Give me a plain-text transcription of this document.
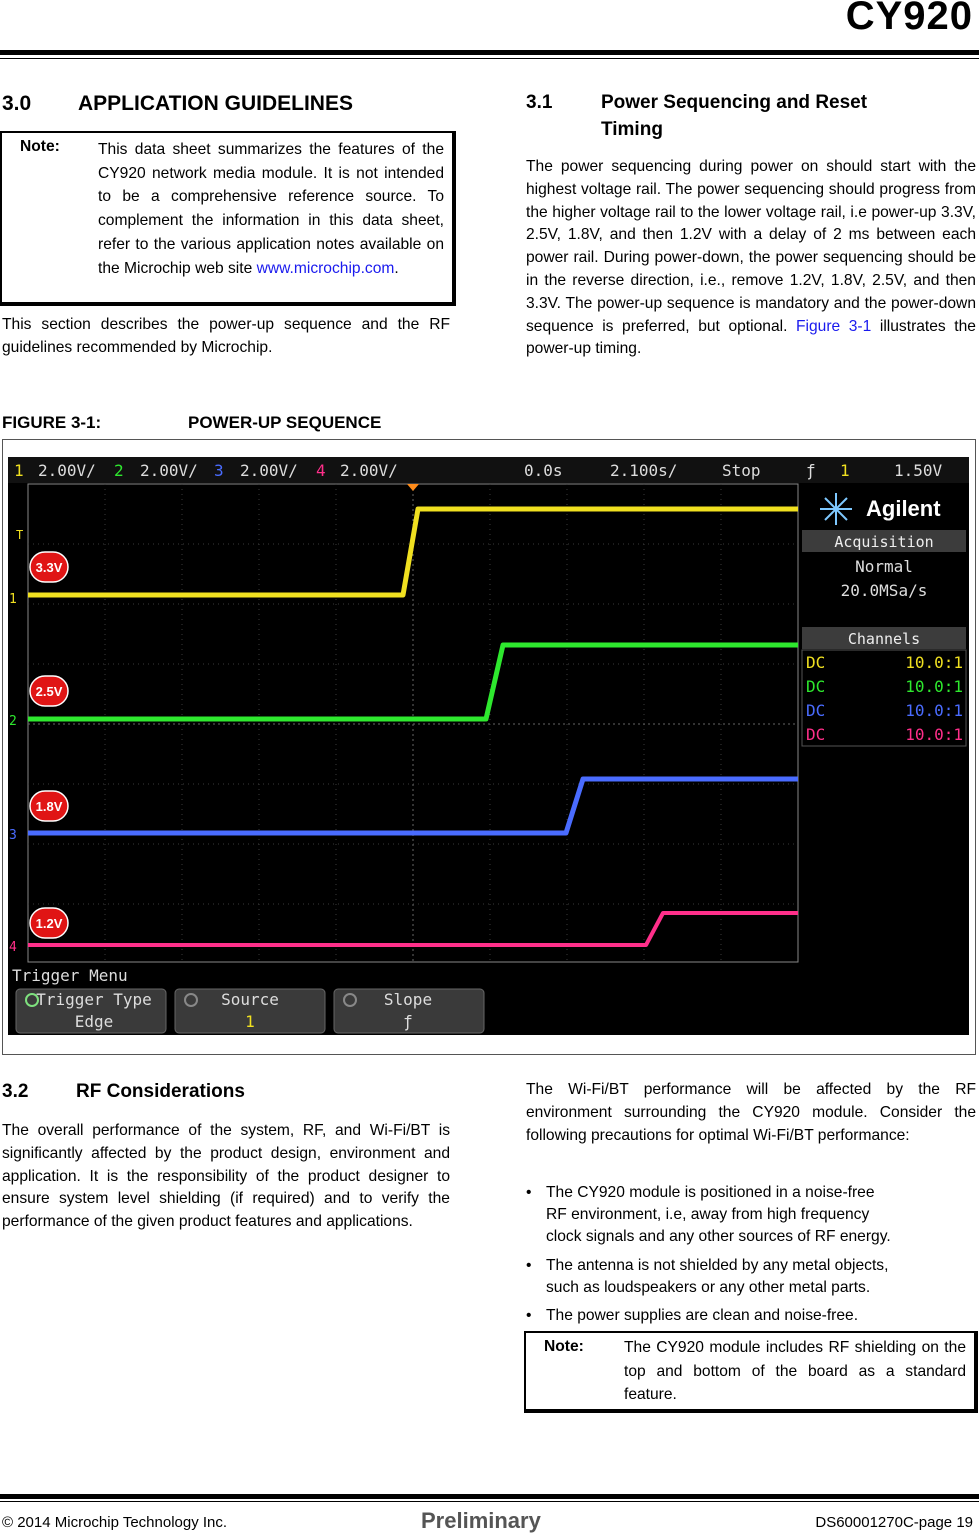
CY920
3.0 APPLICATION GUIDELINES
Note: This data sheet summarizes the features of the CY920 network media module. It is not intended to be a comprehensive reference source. To complement the information in this data sheet, refer to the various application notes available on the Microchip web site www.microchip.com.
This section describes the power-up sequence and the RF guidelines recommended by Microchip.
3.1	Power Sequencing and Reset
Timing
The power sequencing during power on should start with the highest voltage rail. The power sequencing should progress from the higher voltage rail to the lower voltage rail, i.e power-up 3.3V, 2.5V, 1.8V, and then 1.2V with a delay of 2 ms between each power rail. During power-down, the power sequencing should be in the reverse direction, i.e., remove 1.2V, 1.8V, 2.5V, and then 3.3V. The power-up sequence is mandatory and the power-down sequence is preferred, but optional. Figure 3-1 illustrates the power-up timing.
FIGURE 3-1:	POWER-UP SEQUENCE
1 2.00V/ 2 2.00V/ 3 2.00V/ 4 2.00V/	0.0s	2.100s/	Stop	ƒ 1	1.50V
T
1
2
3
4
3.3V
2.5V
1.8V
1.2V
Agilent
Acquisition
Normal
20.0MSa/s
Channels
DC	10.0:1
DC	10.0:1
DC	10.0:1
DC	10.0:1
Trigger Menu
Trigger Type
Edge
Source
1
Slope
ƒ
3.2	RF Considerations
The overall performance of the system, RF, and Wi-Fi/BT is significantly affected by the product design, environment and application. It is the responsibility of the product designer to ensure system level shielding (if required) and to verify the performance of the given product features and applications.
The Wi-Fi/BT performance will be affected by the RF environment surrounding the CY920 module. Consider the following precautions for optimal Wi-Fi/BT performance:
• The CY920 module is positioned in a noise-free
RF environment, i.e, away from high frequency
clock signals and any other sources of RF energy.
• The antenna is not shielded by any metal objects,
such as loudspeakers or any other metal parts.
• The power supplies are clean and noise-free.
Note:	The CY920 module includes RF shielding on the top and bottom of the board as a standard feature.
© 2014 Microchip Technology Inc.	Preliminary	DS60001270C-page 19
